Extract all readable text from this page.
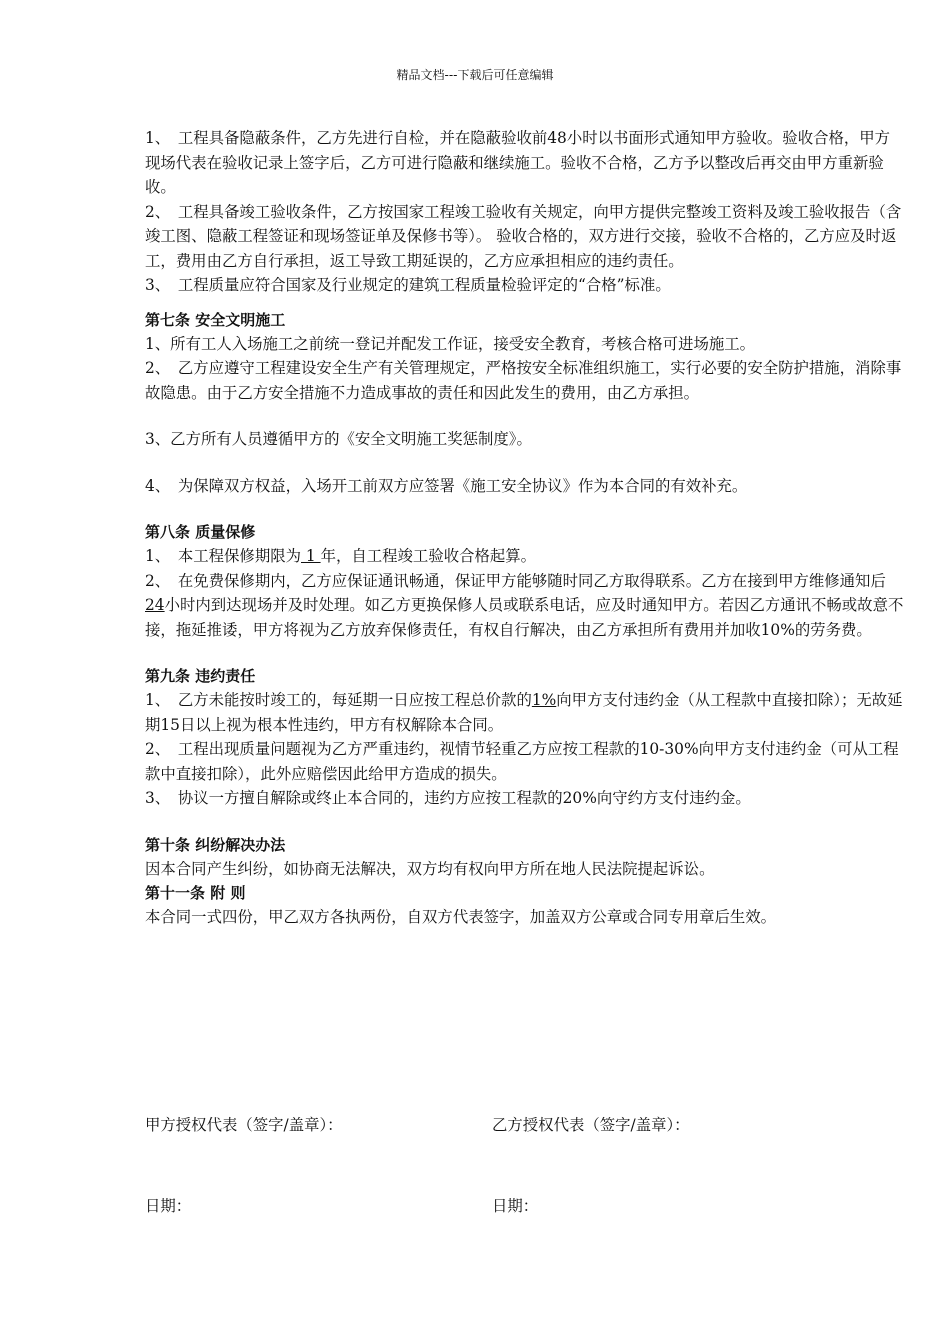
精品文档---下载后可任意编辑

1、　工程具备隐蔽条件，乙方先进行自检，并在隐蔽验收前48小时以书面形式通知甲方验收。验收合格，甲方现场代表在验收记录上签字后，乙方可进行隐蔽和继续施工。验收不合格，乙方予以整改后再交由甲方重新验收。

2、　工程具备竣工验收条件，乙方按国家工程竣工验收有关规定，向甲方提供完整竣工资料及竣工验收报告（含竣工图、隐蔽工程签证和现场签证单及保修书等）。 验收合格的，双方进行交接，验收不合格的，乙方应及时返工，费用由乙方自行承担，返工导致工期延误的，乙方应承担相应的违约责任。

3、　工程质量应符合国家及行业规定的建筑工程质量检验评定的“合格”标准。

第七条 安全文明施工

1、所有工人入场施工之前统一登记并配发工作证，接受安全教育，考核合格可进场施工。

2、　乙方应遵守工程建设安全生产有关管理规定，严格按安全标准组织施工，实行必要的安全防护措施，消除事故隐患。由于乙方安全措施不力造成事故的责任和因此发生的费用，由乙方承担。

3、乙方所有人员遵循甲方的《安全文明施工奖惩制度》。

4、　为保障双方权益，入场开工前双方应签署《施工安全协议》作为本合同的有效补充。

第八条 质量保修

1、　本工程保修期限为 1 年，自工程竣工验收合格起算。

2、　在免费保修期内，乙方应保证通讯畅通，保证甲方能够随时同乙方取得联系。乙方在接到甲方维修通知后24小时内到达现场并及时处理。如乙方更换保修人员或联系电话，应及时通知甲方。若因乙方通讯不畅或故意不接，拖延推诿，甲方将视为乙方放弃保修责任，有权自行解决，由乙方承担所有费用并加收10%的劳务费。

第九条 违约责任

1、　乙方未能按时竣工的，每延期一日应按工程总价款的1%向甲方支付违约金（从工程款中直接扣除）；无故延期15日以上视为根本性违约，甲方有权解除本合同。

2、　工程出现质量问题视为乙方严重违约，视情节轻重乙方应按工程款的10-30%向甲方支付违约金（可从工程款中直接扣除），此外应赔偿因此给甲方造成的损失。

3、　协议一方擅自解除或终止本合同的，违约方应按工程款的20%向守约方支付违约金。

第十条 纠纷解决办法

因本合同产生纠纷，如协商无法解决，双方均有权向甲方所在地人民法院提起诉讼。

第十一条 附 则

本合同一式四份，甲乙双方各执两份，自双方代表签字，加盖双方公章或合同专用章后生效。

甲方授权代表（签字/盖章）：	乙方授权代表（签字/盖章）：
日期：	日期：
